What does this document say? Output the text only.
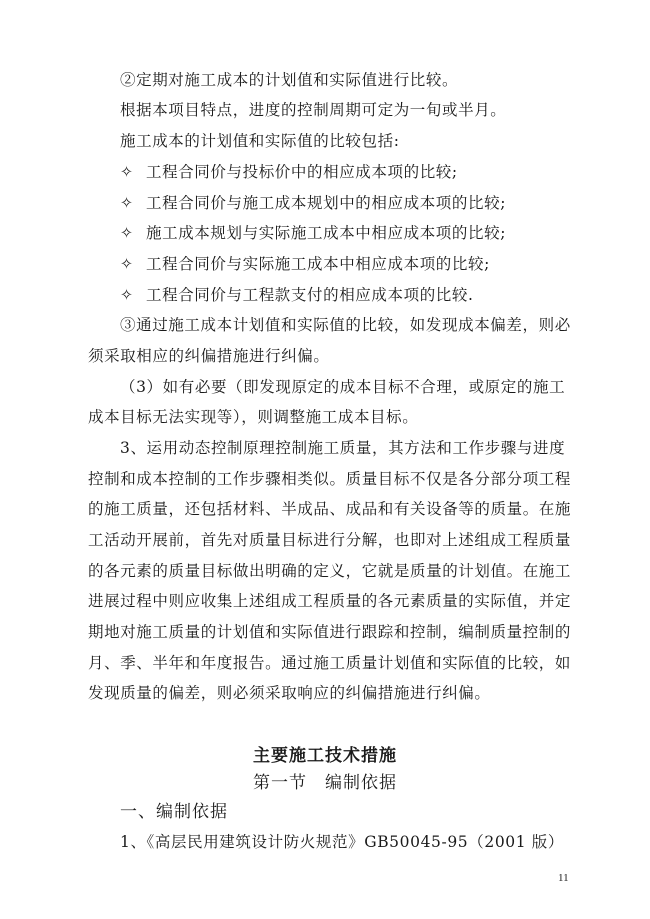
②定期对施工成本的计划值和实际值进行比较。
根据本项目特点，进度的控制周期可定为一旬或半月。
施工成本的计划值和实际值的比较包括:
✧ 工程合同价与投标价中的相应成本项的比较;
✧ 工程合同价与施工成本规划中的相应成本项的比较;
✧ 施工成本规划与实际施工成本中相应成本项的比较;
✧ 工程合同价与实际施工成本中相应成本项的比较;
✧ 工程合同价与工程款支付的相应成本项的比较.
③通过施工成本计划值和实际值的比较，如发现成本偏差，则必
须采取相应的纠偏措施进行纠偏。
（3）如有必要（即发现原定的成本目标不合理，或原定的施工
成本目标无法实现等），则调整施工成本目标。
3、运用动态控制原理控制施工质量，其方法和工作步骤与进度
控制和成本控制的工作步骤相类似。质量目标不仅是各分部分项工程
的施工质量，还包括材料、半成品、成品和有关设备等的质量。在施
工活动开展前，首先对质量目标进行分解，也即对上述组成工程质量
的各元素的质量目标做出明确的定义，它就是质量的计划值。在施工
进展过程中则应收集上述组成工程质量的各元素质量的实际值，并定
期地对施工质量的计划值和实际值进行跟踪和控制，编制质量控制的
月、季、半年和年度报告。通过施工质量计划值和实际值的比较，如
发现质量的偏差，则必须采取响应的纠偏措施进行纠偏。
主要施工技术措施
第一节　编制依据
一、编制依据
1、《高层民用建筑设计防火规范》GB50045-95（2001 版）
11
